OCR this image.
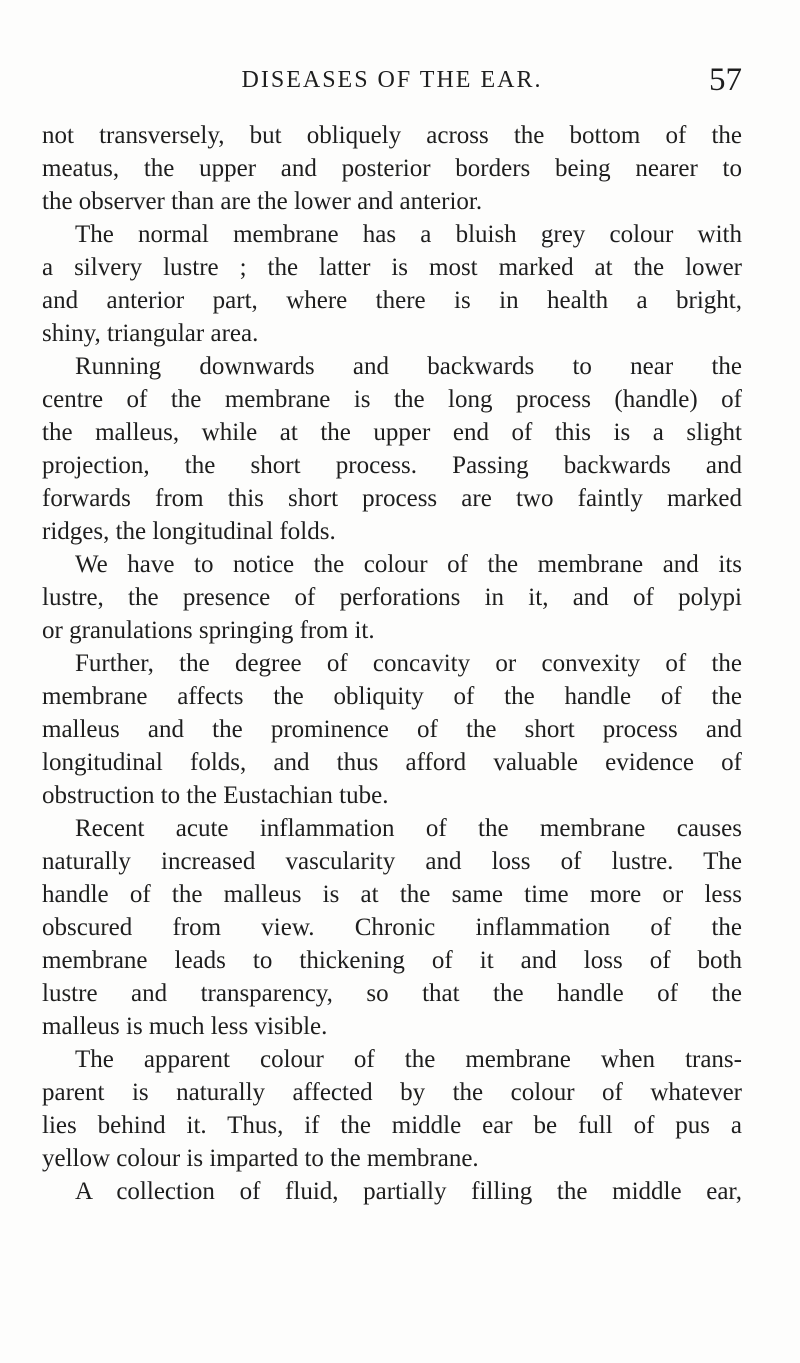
DISEASES OF THE EAR.	57
not transversely, but obliquely across the bottom of the
meatus, the upper and posterior borders being nearer to
the observer than are the lower and anterior.
The normal membrane has a bluish grey colour with
a silvery lustre ; the latter is most marked at the lower
and anterior part, where there is in health a bright,
shiny, triangular area.
Running downwards and backwards to near the
centre of the membrane is the long process (handle) of
the malleus, while at the upper end of this is a slight
projection, the short process. Passing backwards and
forwards from this short process are two faintly marked
ridges, the longitudinal folds.
We have to notice the colour of the membrane and its
lustre, the presence of perforations in it, and of polypi
or granulations springing from it.
Further, the degree of concavity or convexity of the
membrane affects the obliquity of the handle of the
malleus and the prominence of the short process and
longitudinal folds, and thus afford valuable evidence of
obstruction to the Eustachian tube.
Recent acute inflammation of the membrane causes
naturally increased vascularity and loss of lustre. The
handle of the malleus is at the same time more or less
obscured from view. Chronic inflammation of the
membrane leads to thickening of it and loss of both
lustre and transparency, so that the handle of the
malleus is much less visible.
The apparent colour of the membrane when trans-
parent is naturally affected by the colour of whatever
lies behind it. Thus, if the middle ear be full of pus a
yellow colour is imparted to the membrane.
A collection of fluid, partially filling the middle ear,
